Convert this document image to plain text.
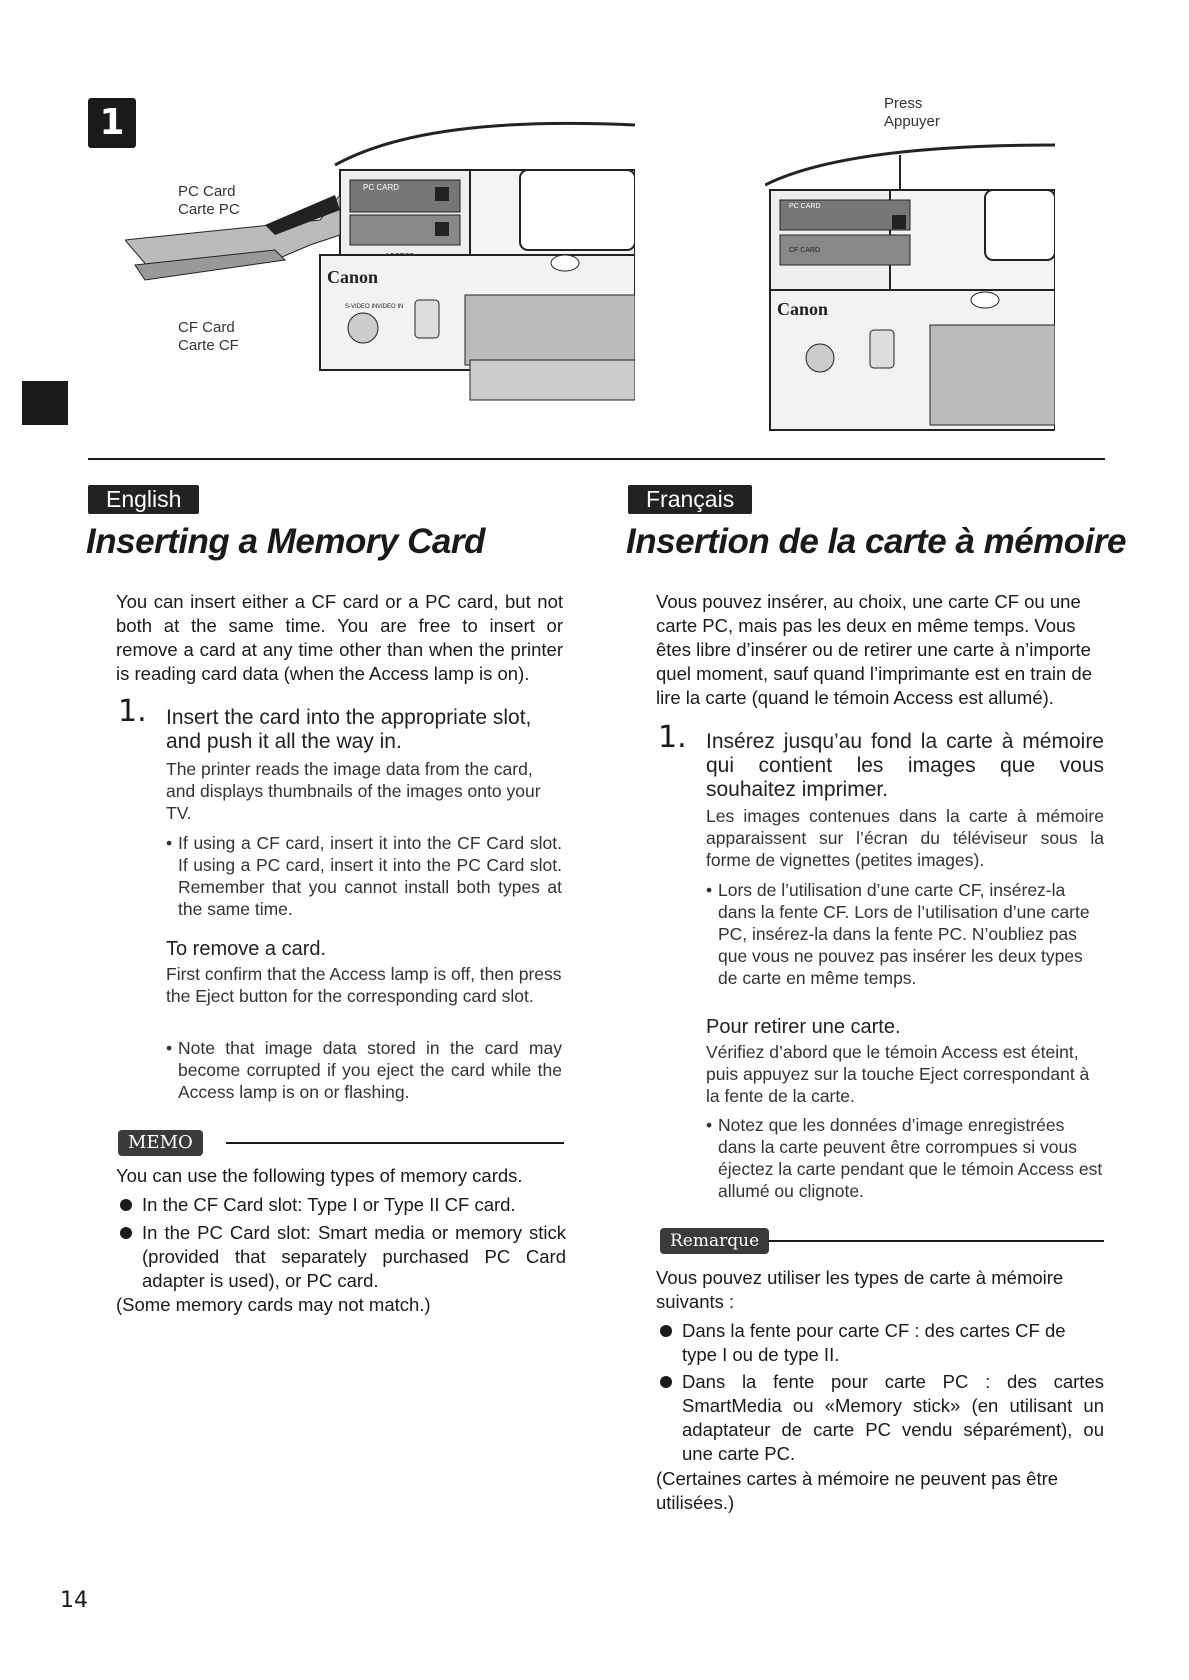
1
PC CARD
Canon
S-VIDEO IN VIDEO IN
PC Card
Carte PC
CF Card
Carte CF
PC CARD
CF CARD
Canon
Press
Appuyer
English
Inserting a Memory Card
You can insert either a CF card or a PC card, but not both at the same time. You are free to insert or remove a card at any time other than when the printer is reading card data (when the Access lamp is on).
1. Insert the card into the appropriate slot, and push it all the way in.
The printer reads the image data from the card, and displays thumbnails of the images onto your TV.
• If using a CF card, insert it into the CF Card slot. If using a PC card, insert it into the PC Card slot. Remember that you cannot install both types at the same time.
To remove a card.
First confirm that the Access lamp is off, then press the Eject button for the corresponding card slot.
• Note that image data stored in the card may become corrupted if you eject the card while the Access lamp is on or flashing.
MEMO
You can use the following types of memory cards.
In the CF Card slot: Type I or Type II CF card.
In the PC Card slot: Smart media or memory stick (provided that separately purchased PC Card adapter is used), or PC card.
(Some memory cards may not match.)
Français
Insertion de la carte à mémoire
Vous pouvez insérer, au choix, une carte CF ou une carte PC, mais pas les deux en même temps. Vous êtes libre d’insérer ou de retirer une carte à n’importe quel moment, sauf quand l’imprimante est en train de lire la carte (quand le témoin Access est allumé).
1. Insérez jusqu’au fond la carte à mémoire qui contient les images que vous souhaitez imprimer.
Les images contenues dans la carte à mémoire apparaissent sur l’écran du téléviseur sous la forme de vignettes (petites images).
• Lors de l’utilisation d’une carte CF, insérez-la dans la fente CF. Lors de l’utilisation d’une carte PC, insérez-la dans la fente PC. N’oubliez pas que vous ne pouvez pas insérer les deux types de carte en même temps.
Pour retirer une carte.
Vérifiez d’abord que le témoin Access est éteint, puis appuyez sur la touche Eject correspondant à la fente de la carte.
• Notez que les données d’image enregistrées dans la carte peuvent être corrompues si vous éjectez la carte pendant que le témoin Access est allumé ou clignote.
Remarque
Vous pouvez utiliser les types de carte à mémoire suivants :
Dans la fente pour carte CF : des cartes CF de type I ou de type II.
Dans la fente pour carte PC : des cartes SmartMedia ou «Memory stick» (en utilisant un adaptateur de carte PC vendu séparément), ou une carte PC.
(Certaines cartes à mémoire ne peuvent pas être utilisées.)
14
